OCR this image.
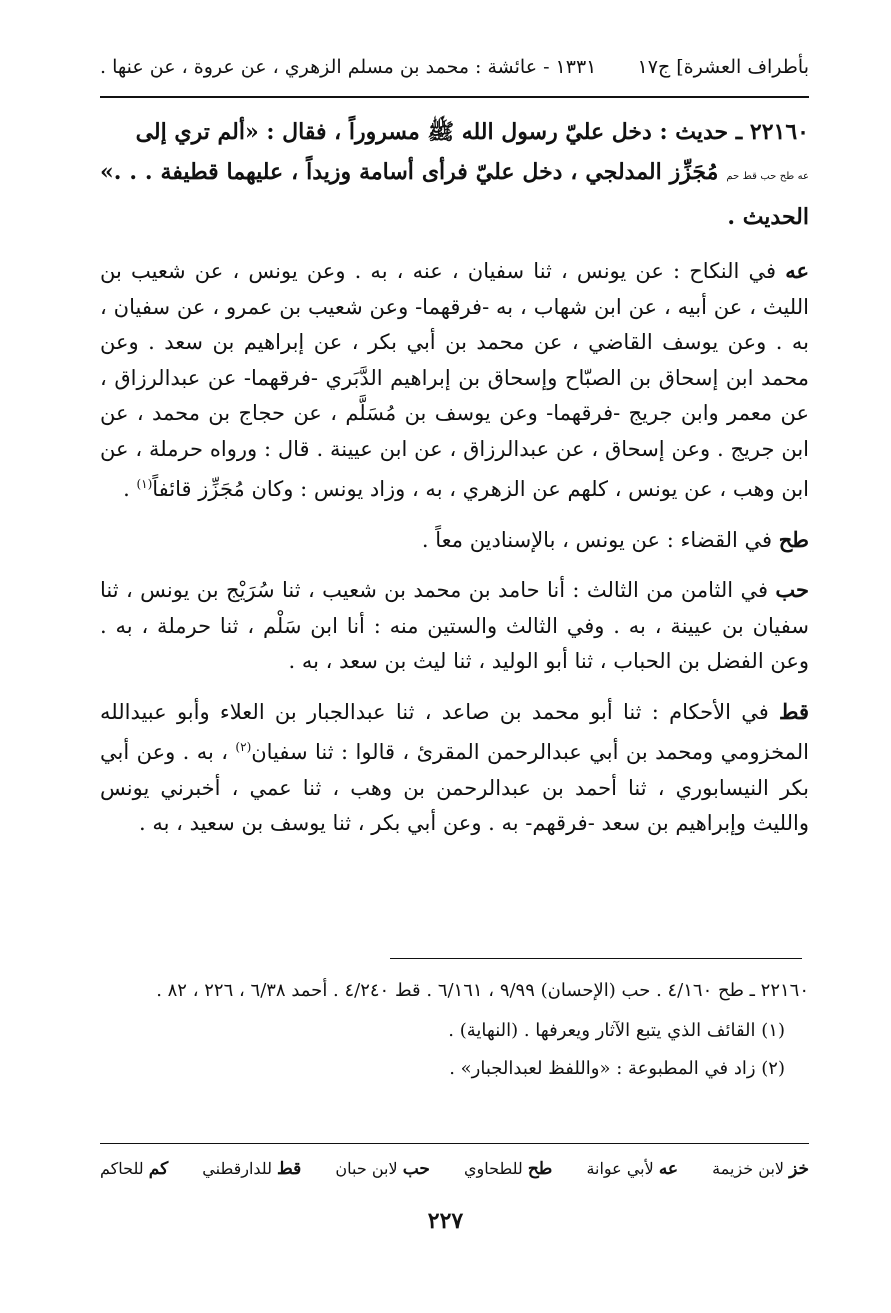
بأطراف العشرة] ج١٧
١٣٣١ - عائشة : محمد بن مسلم الزهري ، عن عروة ، عن عنها .

٢٢١٦٠ ـ حديث : دخل عليّ رسول الله ﷺ مسروراً ، فقال : «ألم تري إلى
عه طح حب قط حم مُجَزِّز المدلجي ، دخل عليّ فرأى أسامة وزيداً ، عليهما قطيفة . . .» الحديث .

عه في النكاح : عن يونس ، ثنا سفيان ، عنه ، به . وعن يونس ، عن شعيب بن الليث ، عن أبيه ، عن ابن شهاب ، به -فرقهما- وعن شعيب بن عمرو ، عن سفيان ، به . وعن يوسف القاضي ، عن محمد بن أبي بكر ، عن إبراهيم بن سعد . وعن محمد ابن إسحاق بن الصبّاح وإسحاق بن إبراهيم الدَّبَري -فرقهما- عن عبدالرزاق ، عن معمر وابن جريج -فرقهما- وعن يوسف بن مُسَلَّم ، عن حجاج بن محمد ، عن ابن جريج . وعن إسحاق ، عن عبدالرزاق ، عن ابن عيينة . قال : ورواه حرملة ، عن ابن وهب ، عن يونس ، كلهم عن الزهري ، به ، وزاد يونس : وكان مُجَزِّز قائفاً$^{(١)}$ .

طح في القضاء : عن يونس ، بالإسنادين معاً .

حب في الثامن من الثالث : أنا حامد بن محمد بن شعيب ، ثنا سُرَيْج بن يونس ، ثنا سفيان بن عيينة ، به . وفي الثالث والستين منه : أنا ابن سَلْم ، ثنا حرملة ، به . وعن الفضل بن الحباب ، ثنا أبو الوليد ، ثنا ليث بن سعد ، به .

قط في الأحكام : ثنا أبو محمد بن صاعد ، ثنا عبدالجبار بن العلاء وأبو عبيدالله المخزومي ومحمد بن أبي عبدالرحمن المقرئ ، قالوا : ثنا سفيان$^{(٢)}$ ، به . وعن أبي بكر النيسابوري ، ثنا أحمد بن عبدالرحمن بن وهب ، ثنا عمي ، أخبرني يونس والليث وإبراهيم بن سعد -فرقهم- به . وعن أبي بكر ، ثنا يوسف بن سعيد ، به .

٢٢١٦٠ ـ طح ٤/١٦٠ . حب (الإحسان) ٩/٩٩ ، ٦/١٦١ . قط ٤/٢٤٠ . أحمد ٦/٣٨ ، ٢٢٦ ، ٨٢ .

(١) القائف الذي يتبع الآثار ويعرفها . (النهاية) .

(٢) زاد في المطبوعة : «واللفظ لعبدالجبار» .

خز لابن خزيمة
عه لأبي عوانة
طح للطحاوي
حب لابن حبان
قط للدارقطني
كم للحاكم
٢٢٧
